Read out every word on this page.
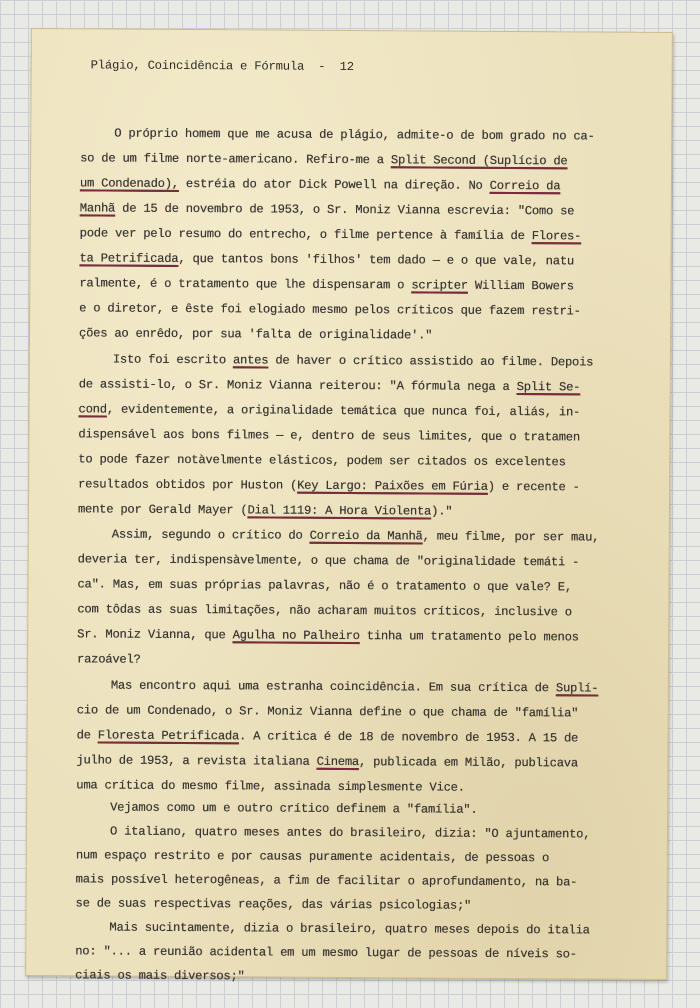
Plágio, Coincidência e Fórmula  -  12
O próprio homem que me acusa de plágio, admite-o de bom grado no ca-
so de um filme norte-americano. Refiro-me a Split Second (Suplício de
um Condenado), estréia do ator Dick Powell na direção. No Correio da
Manhã de 15 de novembro de 1953, o Sr. Moniz Vianna escrevia: "Como se
pode ver pelo resumo do entrecho, o filme pertence à família de Flores-
ta Petrificada, que tantos bons 'filhos' tem dado — e o que vale, natu
ralmente, é o tratamento que lhe dispensaram o scripter William Bowers
e o diretor, e êste foi elogiado mesmo pelos críticos que fazem restri-
ções ao enrêdo, por sua 'falta de originalidade'."
Isto foi escrito antes de haver o crítico assistido ao filme. Depois
de assisti-lo, o Sr. Moniz Vianna reiterou: "A fórmula nega a Split Se-
cond, evidentemente, a originalidade temática que nunca foi, aliás, in-
dispensável aos bons filmes — e, dentro de seus limites, que o tratamen
to pode fazer notàvelmente elásticos, podem ser citados os excelentes
resultados obtidos por Huston (Key Largo: Paixões em Fúria) e recente -
mente por Gerald Mayer (Dial 1119: A Hora Violenta)."
Assim, segundo o crítico do Correio da Manhã, meu filme, por ser mau,
deveria ter, indispensàvelmente, o que chama de "originalidade temáti -
ca". Mas, em suas próprias palavras, não é o tratamento o que vale? E,
com tôdas as suas limitações, não acharam muitos críticos, inclusive o
Sr. Moniz Vianna, que Agulha no Palheiro tinha um tratamento pelo menos
razoável?
Mas encontro aqui uma estranha coincidência. Em sua crítica de Suplí-
cio de um Condenado, o Sr. Moniz Vianna define o que chama de "família"
de Floresta Petrificada. A crítica é de 18 de novembro de 1953. A 15 de
julho de 1953, a revista italiana Cinema, publicada em Milão, publicava
uma crítica do mesmo filme, assinada simplesmente Vice.
Vejamos como um e outro crítico definem a "família".
O italiano, quatro meses antes do brasileiro, dizia: "O ajuntamento,
num espaço restrito e por causas puramente acidentais, de pessoas o
mais possível heterogêneas, a fim de facilitar o aprofundamento, na ba-
se de suas respectivas reações, das várias psicologias;"
Mais sucintamente, dizia o brasileiro, quatro meses depois do italia
no: "... a reunião acidental em um mesmo lugar de pessoas de níveis so-
ciais os mais diversos;"
